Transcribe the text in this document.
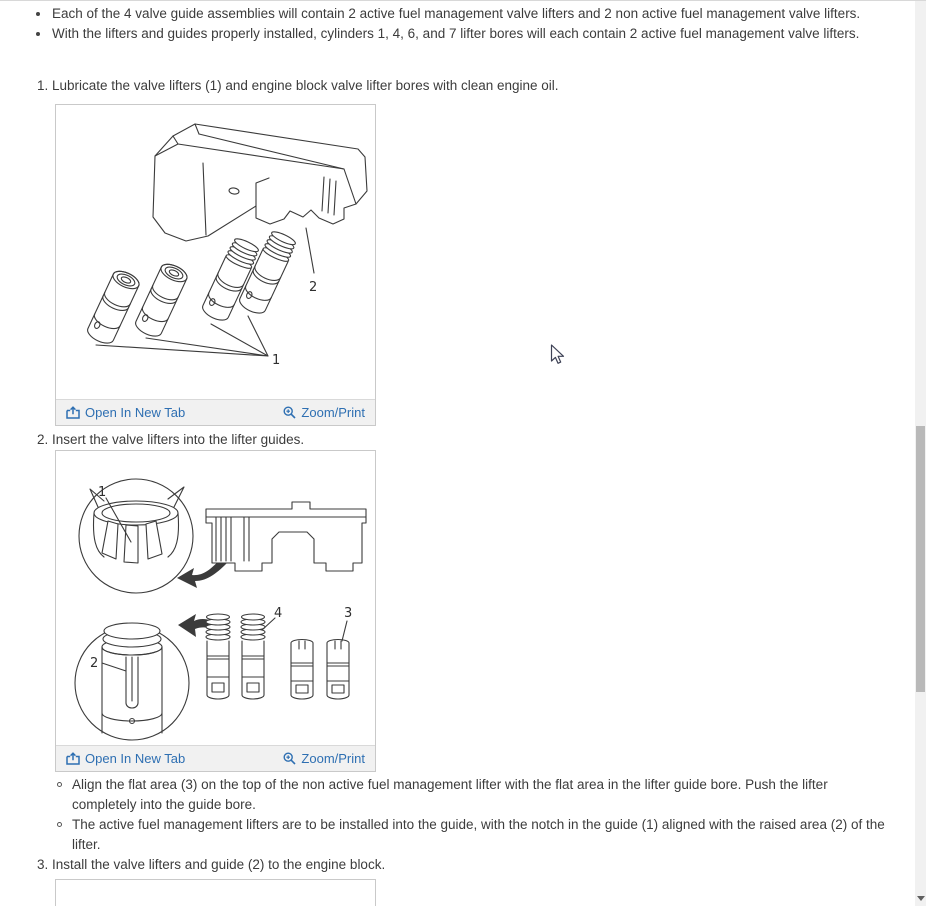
Each of the 4 valve guide assemblies will contain 2 active fuel management valve lifters and 2 non active fuel management valve lifters.
With the lifters and guides properly installed, cylinders 1, 4, 6, and 7 lifter bores will each contain 2 active fuel management valve lifters.
1. Lubricate the valve lifters (1) and engine block valve lifter bores with clean engine oil.
2
1
Open In New Tab	Zoom/Print
2. Insert the valve lifters into the lifter guides.
1
2
4	3
Open In New Tab	Zoom/Print
Align the flat area (3) on the top of the non active fuel management lifter with the flat area in the lifter guide bore. Push the lifter completely into the guide bore.
The active fuel management lifters are to be installed into the guide, with the notch in the guide (1) aligned with the raised area (2) of the lifter.
3. Install the valve lifters and guide (2) to the engine block.
